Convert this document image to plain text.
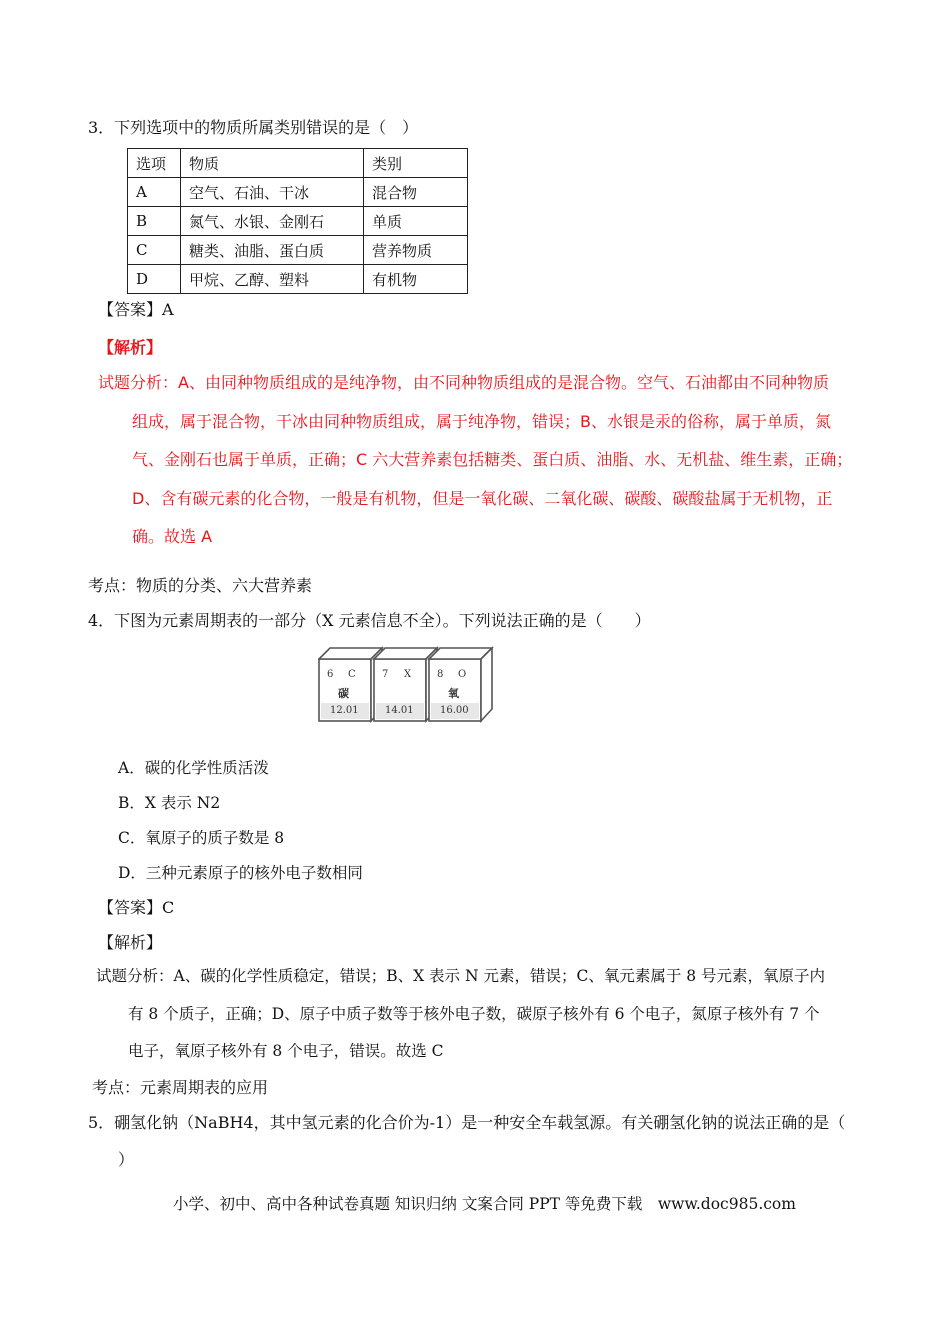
3．下列选项中的物质所属类别错误的是（　）
选项	物质	类别
A	空气、石油、干冰	混合物
B	氮气、水银、金刚石	单质
C	糖类、油脂、蛋白质	营养物质
D	甲烷、乙醇、塑料	有机物
【答案】A
【解析】
试题分析：A、由同种物质组成的是纯净物，由不同种物质组成的是混合物。空气、石油都由不同种物质
组成，属于混合物，干冰由同种物质组成，属于纯净物，错误；B、水银是汞的俗称，属于单质，氮
气、金刚石也属于单质，正确；C 六大营养素包括糖类、蛋白质、油脂、水、无机盐、维生素，正确；
D、含有碳元素的化合物，一般是有机物，但是一氧化碳、二氧化碳、碳酸、碳酸盐属于无机物，正
确。故选 A
考点：物质的分类、六大营养素
4．下图为元素周期表的一部分（X 元素信息不全）。下列说法正确的是（　　）
6 C
碳
12.01
7 X
14.01
8 O
氧
16.00
A．碳的化学性质活泼
B．X 表示 N2
C．氧原子的质子数是 8
D．三种元素原子的核外电子数相同
【答案】C
【解析】
试题分析：A、碳的化学性质稳定，错误；B、X 表示 N 元素，错误；C、氧元素属于 8 号元素，氧原子内
有 8 个质子，正确；D、原子中质子数等于核外电子数，碳原子核外有 6 个电子，氮原子核外有 7 个
电子，氧原子核外有 8 个电子，错误。故选 C
考点：元素周期表的应用
5．硼氢化钠（NaBH4，其中氢元素的化合价为-1）是一种安全车载氢源。有关硼氢化钠的说法正确的是（
）
小学、初中、高中各种试卷真题 知识归纳 文案合同 PPT 等免费下载　www.doc985.com
